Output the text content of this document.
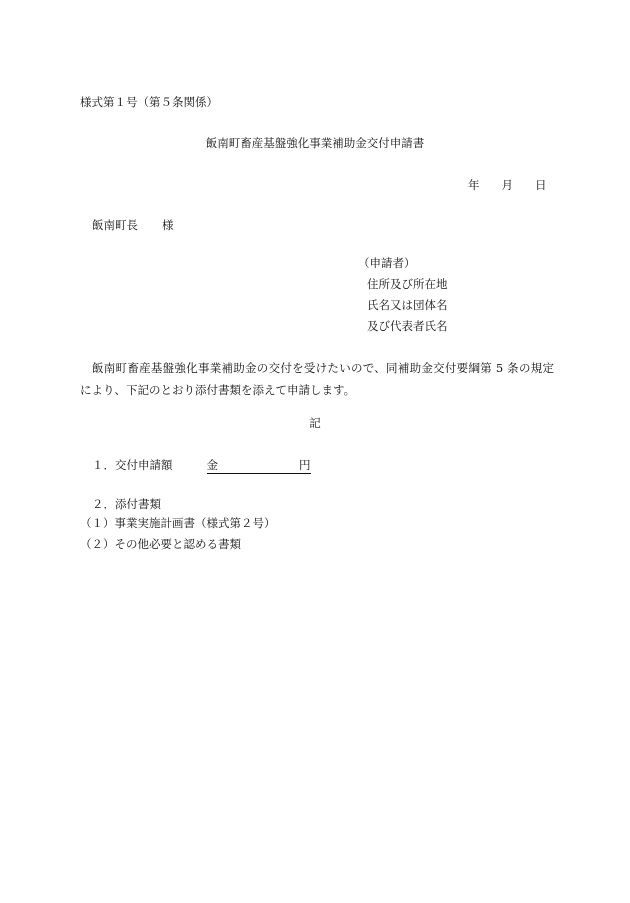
様式第１号（第５条関係）
飯南町畜産基盤強化事業補助金交付申請書
年 月 日
飯南町長 様
（申請者）
住所及び所在地
氏名又は団体名
及び代表者氏名
飯南町畜産基盤強化事業補助金の交付を受けたいので、同補助金交付要綱第 5 条の規定により、下記のとおり添付書類を添えて申請します。
記
１．交付申請額	金	円
２．添付書類
（１）事業実施計画書（様式第２号）
（２）その他必要と認める書類
